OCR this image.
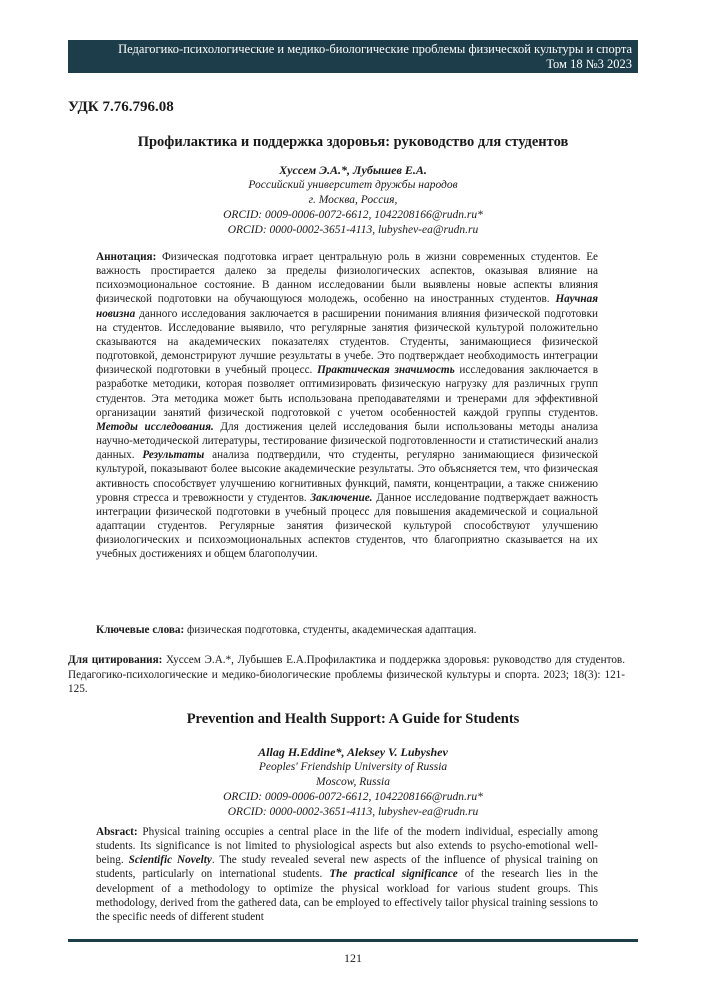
Педагогико-психологические и медико-биологические проблемы физической культуры и спорта
Том 18 №3 2023
УДК 7.76.796.08
Профилактика и поддержка здоровья: руководство для студентов
Хуссем Э.А.*, Лубышев Е.А.
Российский университет дружбы народов
г. Москва, Россия,
ORCID: 0009-0006-0072-6612, 1042208166@rudn.ru*
ORCID: 0000-0002-3651-4113, lubyshev-ea@rudn.ru
Аннотация: Физическая подготовка играет центральную роль в жизни современных студентов. Ее важность простирается далеко за пределы физиологических аспектов, оказывая влияние на психоэмоциональное состояние. В данном исследовании были выявлены новые аспекты влияния физической подготовки на обучающуюся молодежь, особенно на иностранных студентов. Научная новизна данного исследования заключается в расширении понимания влияния физической подготовки на студентов. Исследование выявило, что регулярные занятия физической культурой положительно сказываются на академических показателях студентов. Студенты, занимающиеся физической подготовкой, демонстрируют лучшие результаты в учебе. Это подтверждает необходимость интеграции физической подготовки в учебный процесс. Практическая значимость исследования заключается в разработке методики, которая позволяет оптимизировать физическую нагрузку для различных групп студентов. Эта методика может быть использована преподавателями и тренерами для эффективной организации занятий физической подготовкой с учетом особенностей каждой группы студентов. Методы исследования. Для достижения целей исследования были использованы методы анализа научно-методической литературы, тестирование физической подготовленности и статистический анализ данных. Результаты анализа подтвердили, что студенты, регулярно занимающиеся физической культурой, показывают более высокие академические результаты. Это объясняется тем, что физическая активность способствует улучшению когнитивных функций, памяти, концентрации, а также снижению уровня стресса и тревожности у студентов. Заключение. Данное исследование подтверждает важность интеграции физической подготовки в учебный процесс для повышения академической и социальной адаптации студентов. Регулярные занятия физической культурой способствуют улучшению физиологических и психоэмоциональных аспектов студентов, что благоприятно сказывается на их учебных достижениях и общем благополучии.
Ключевые слова: физическая подготовка, студенты, академическая адаптация.
Для цитирования: Хуссем Э.А.*, Лубышев Е.А.Профилактика и поддержка здоровья: руководство для студентов. Педагогико-психологические и медико-биологические проблемы физической культуры и спорта. 2023; 18(3): 121-125.
Prevention and Health Support: A Guide for Students
Allag H.Eddine*, Aleksey V. Lubyshev
Peoples' Friendship University of Russia
Moscow, Russia
ORCID: 0009-0006-0072-6612, 1042208166@rudn.ru*
ORCID: 0000-0002-3651-4113, lubyshev-ea@rudn.ru
Absract: Physical training occupies a central place in the life of the modern individual, especially among students. Its significance is not limited to physiological aspects but also extends to psycho-emotional well-being. Scientific Novelty. The study revealed several new aspects of the influence of physical training on students, particularly on international students. The practical significance of the research lies in the development of a methodology to optimize the physical workload for various student groups. This methodology, derived from the gathered data, can be employed to effectively tailor physical training sessions to the specific needs of different student
121
